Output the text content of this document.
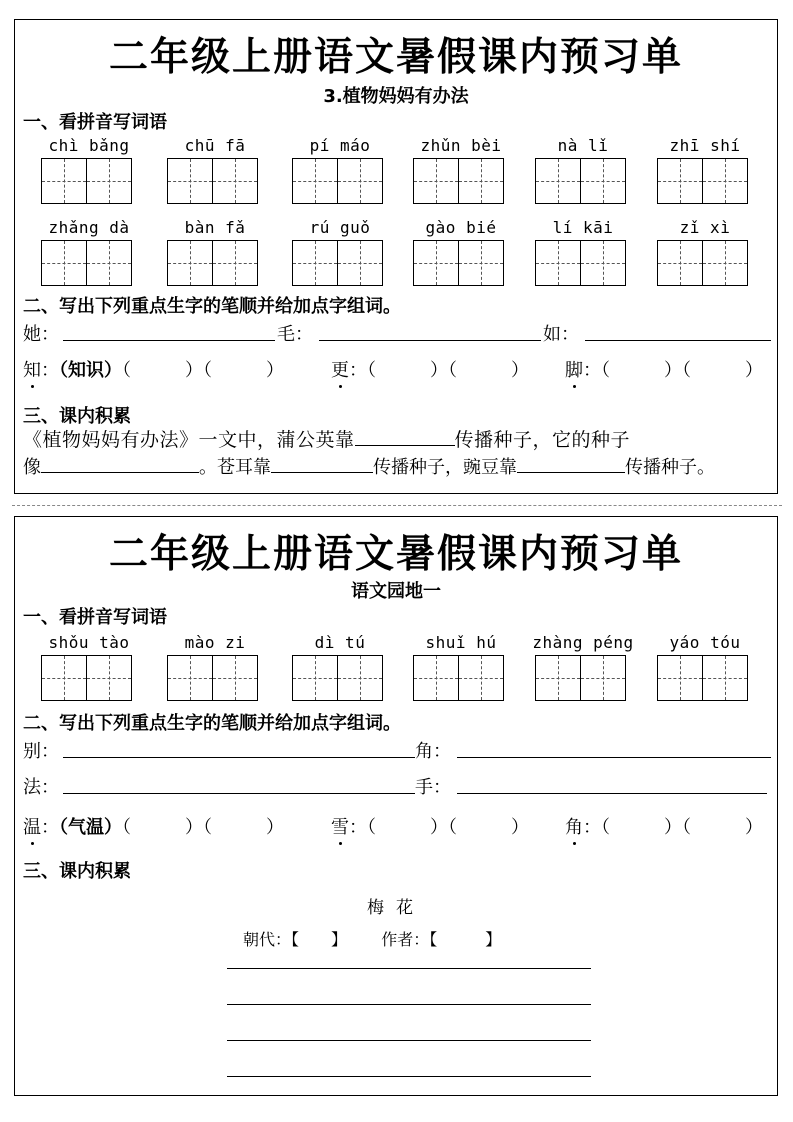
二年级上册语文暑假课内预习单
3.植物妈妈有办法
一、看拼音写词语
chì bǎng	chū fā	pí máo	zhǔn bèi	nà lǐ	zhī shí
zhǎng dà	bàn fǎ	rú guǒ	gào bié	lí kāi	zǐ xì
二、写出下列重点生字的笔顺并给加点字组词。
她：	毛：	如：
知：（知识）（　　　）（　　　）	更：（　　　）（　　　） 脚：（　　　）（　　　）
三、课内积累
《植物妈妈有办法》一文中，蒲公英靠	传播种子，它的种子
像	。苍耳靠	传播种子，豌豆靠	传播种子。
二年级上册语文暑假课内预习单
语文园地一
一、看拼音写词语
shǒu tào	mào zi	dì tú	shuǐ hú	zhàng péng	yáo tóu
二、写出下列重点生字的笔顺并给加点字组词。
别：	角：
法：	手：
温：（气温）（　　　）（　　　）	雪：（　　　）（　　　） 角：（　　　）（　　　）
三、课内积累
梅花
朝代：【　　】 作者：【　　　】
